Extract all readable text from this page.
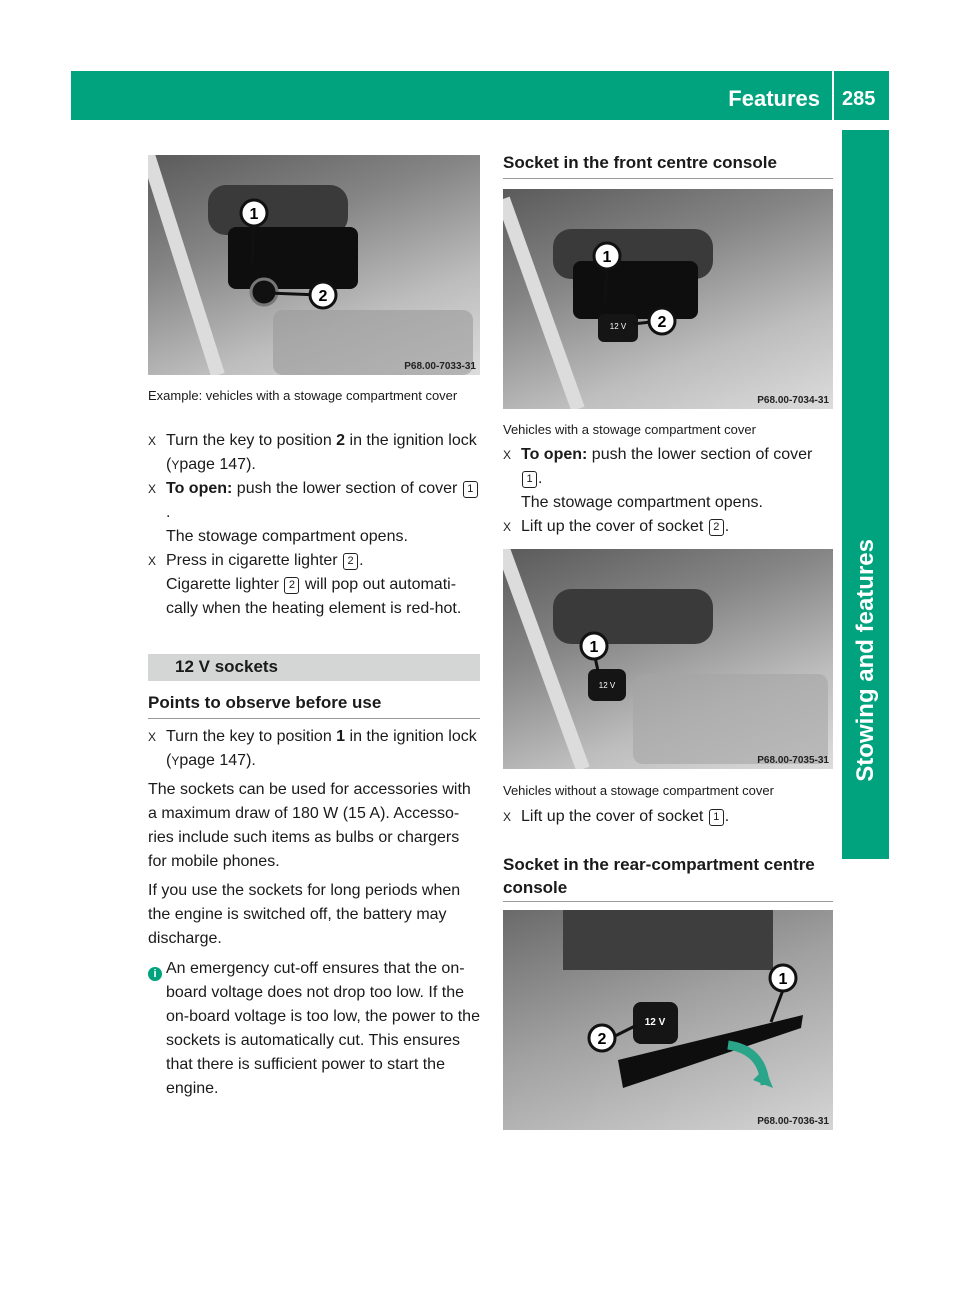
Features 285
Stowing and features
1
2
P68.00-7033-31
Example: vehicles with a stowage compartment cover
X Turn the key to position 2 in the ignition lock (Ypage 147).
X To open: push the lower section of cover 1.
The stowage compartment opens.
X Press in cigarette lighter 2 .
Cigarette lighter 2 will pop out automati-cally when the heating element is red-hot.
12 V sockets
Points to observe before use
X Turn the key to position 1 in the ignition lock (Ypage 147).
The sockets can be used for accessories with a maximum draw of 180 W (15 A). Accesso-ries include such items as bulbs or chargers for mobile phones.
If you use the sockets for long periods when the engine is switched off, the battery may discharge.
i An emergency cut-off ensures that the on-board voltage does not drop too low. If the on-board voltage is too low, the power to the sockets is automatically cut. This ensures that there is sufficient power to start the engine.
Socket in the front centre console
12 V
1
2
P68.00-7034-31
Vehicles with a stowage compartment cover
X To open: push the lower section of cover 1 .
The stowage compartment opens.
X Lift up the cover of socket 2 .
12 V
1
P68.00-7035-31
Vehicles without a stowage compartment cover
X Lift up the cover of socket 1 .
Socket in the rear-compartment centre console
12 V
1
2
P68.00-7036-31
